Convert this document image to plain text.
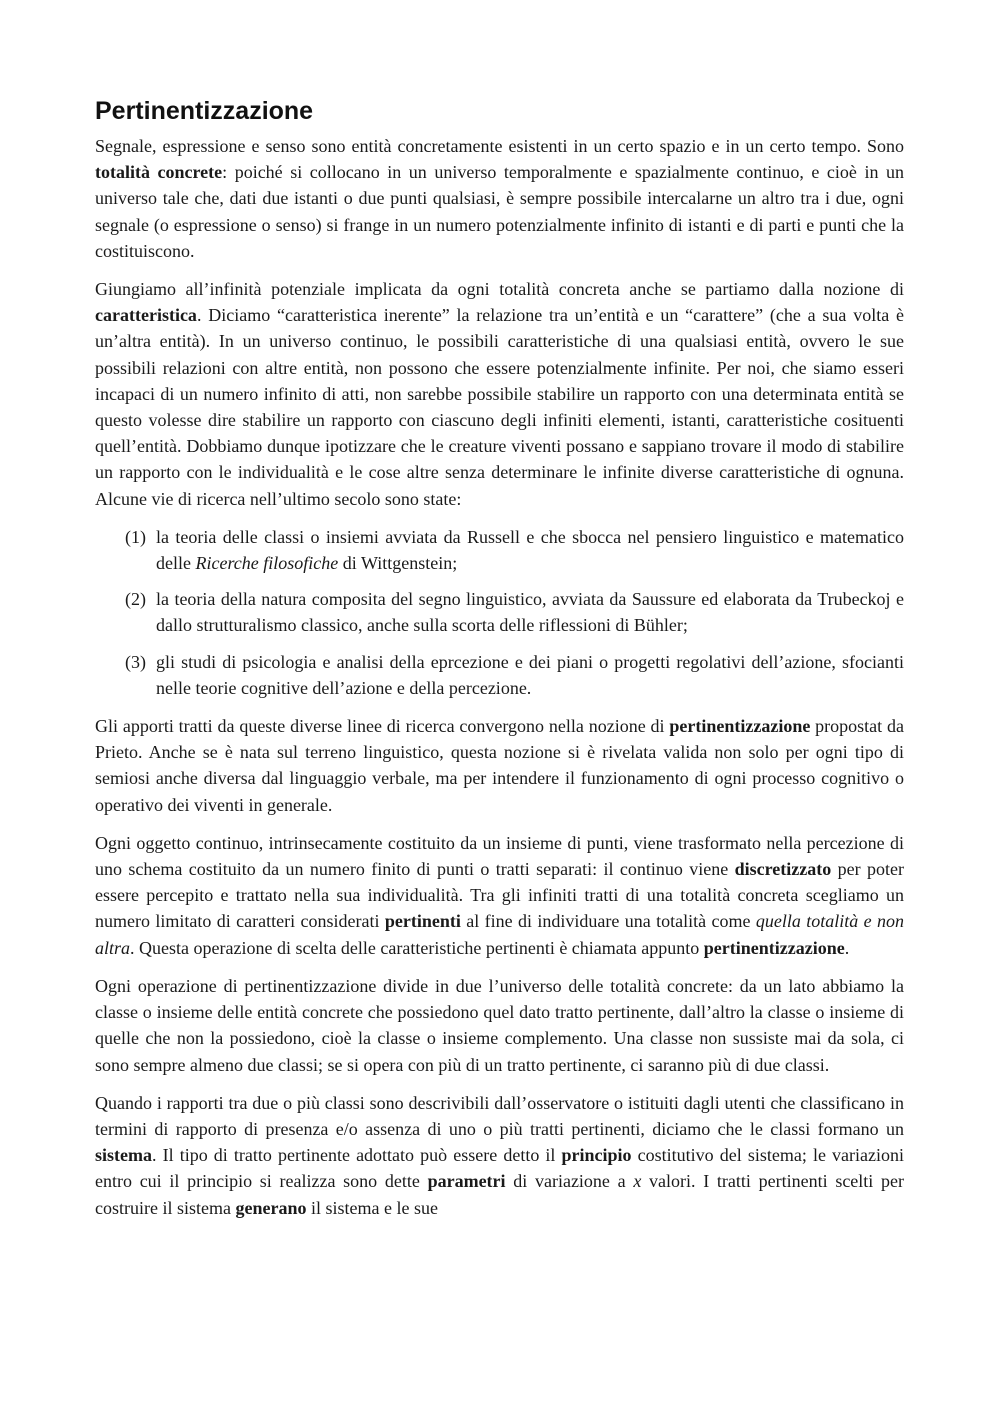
Pertinentizzazione

Segnale, espressione e senso sono entità concretamente esistenti in un certo spazio e in un certo tempo. Sono totalità concrete: poiché si collocano in un universo temporalmente e spazialmente continuo, e cioè in un universo tale che, dati due istanti o due punti qualsiasi, è sempre possibile intercalarne un altro tra i due, ogni segnale (o espressione o senso) si frange in un numero potenzialmente infinito di istanti e di parti e punti che la costituiscono.

Giungiamo all’infinità potenziale implicata da ogni totalità concreta anche se partiamo dalla nozione di caratteristica. Diciamo “caratteristica inerente” la relazione tra un’entità e un “carattere” (che a sua volta è un’altra entità). In un universo continuo, le possibili caratteristiche di una qualsiasi entità, ovvero le sue possibili relazioni con altre entità, non possono che essere potenzialmente infinite. Per noi, che siamo esseri incapaci di un numero infinito di atti, non sarebbe possibile stabilire un rapporto con una determinata entità se questo volesse dire stabilire un rapporto con ciascuno degli infiniti elementi, istanti, caratteristiche cosituenti quell’entità. Dobbiamo dunque ipotizzare che le creature viventi possano e sappiano trovare il modo di stabilire un rapporto con le individualità e le cose altre senza determinare le infinite diverse caratteristiche di ognuna. Alcune vie di ricerca nell’ultimo secolo sono state:

(1) la teoria delle classi o insiemi avviata da Russell e che sbocca nel pensiero linguistico e matematico delle Ricerche filosofiche di Wittgenstein;
(2) la teoria della natura composita del segno linguistico, avviata da Saussure ed elaborata da Trubeckoj e dallo strutturalismo classico, anche sulla scorta delle riflessioni di Bühler;
(3) gli studi di psicologia e analisi della eprcezione e dei piani o progetti regolativi dell’azione, sfocianti nelle teorie cognitive dell’azione e della percezione.

Gli apporti tratti da queste diverse linee di ricerca convergono nella nozione di pertinentizzazione propostat da Prieto. Anche se è nata sul terreno linguistico, questa nozione si è rivelata valida non solo per ogni tipo di semiosi anche diversa dal linguaggio verbale, ma per intendere il funzionamento di ogni processo cognitivo o operativo dei viventi in generale.

Ogni oggetto continuo, intrinsecamente costituito da un insieme di punti, viene trasformato nella percezione di uno schema costituito da un numero finito di punti o tratti separati: il continuo viene discretizzato per poter essere percepito e trattato nella sua individualità. Tra gli infiniti tratti di una totalità concreta scegliamo un numero limitato di caratteri considerati pertinenti al fine di individuare una totalità come quella totalità e non altra. Questa operazione di scelta delle caratteristiche pertinenti è chiamata appunto pertinentizzazione.

Ogni operazione di pertinentizzazione divide in due l’universo delle totalità concrete: da un lato abbiamo la classe o insieme delle entità concrete che possiedono quel dato tratto pertinente, dall’altro la classe o insieme di quelle che non la possiedono, cioè la classe o insieme complemento. Una classe non sussiste mai da sola, ci sono sempre almeno due classi; se si opera con più di un tratto pertinente, ci saranno più di due classi.

Quando i rapporti tra due o più classi sono descrivibili dall’osservatore o istituiti dagli utenti che classificano in termini di rapporto di presenza e/o assenza di uno o più tratti pertinenti, diciamo che le classi formano un sistema. Il tipo di tratto pertinente adottato può essere detto il principio costitutivo del sistema; le variazioni entro cui il principio si realizza sono dette parametri di variazione a x valori. I tratti pertinenti scelti per costruire il sistema generano il sistema e le sue
